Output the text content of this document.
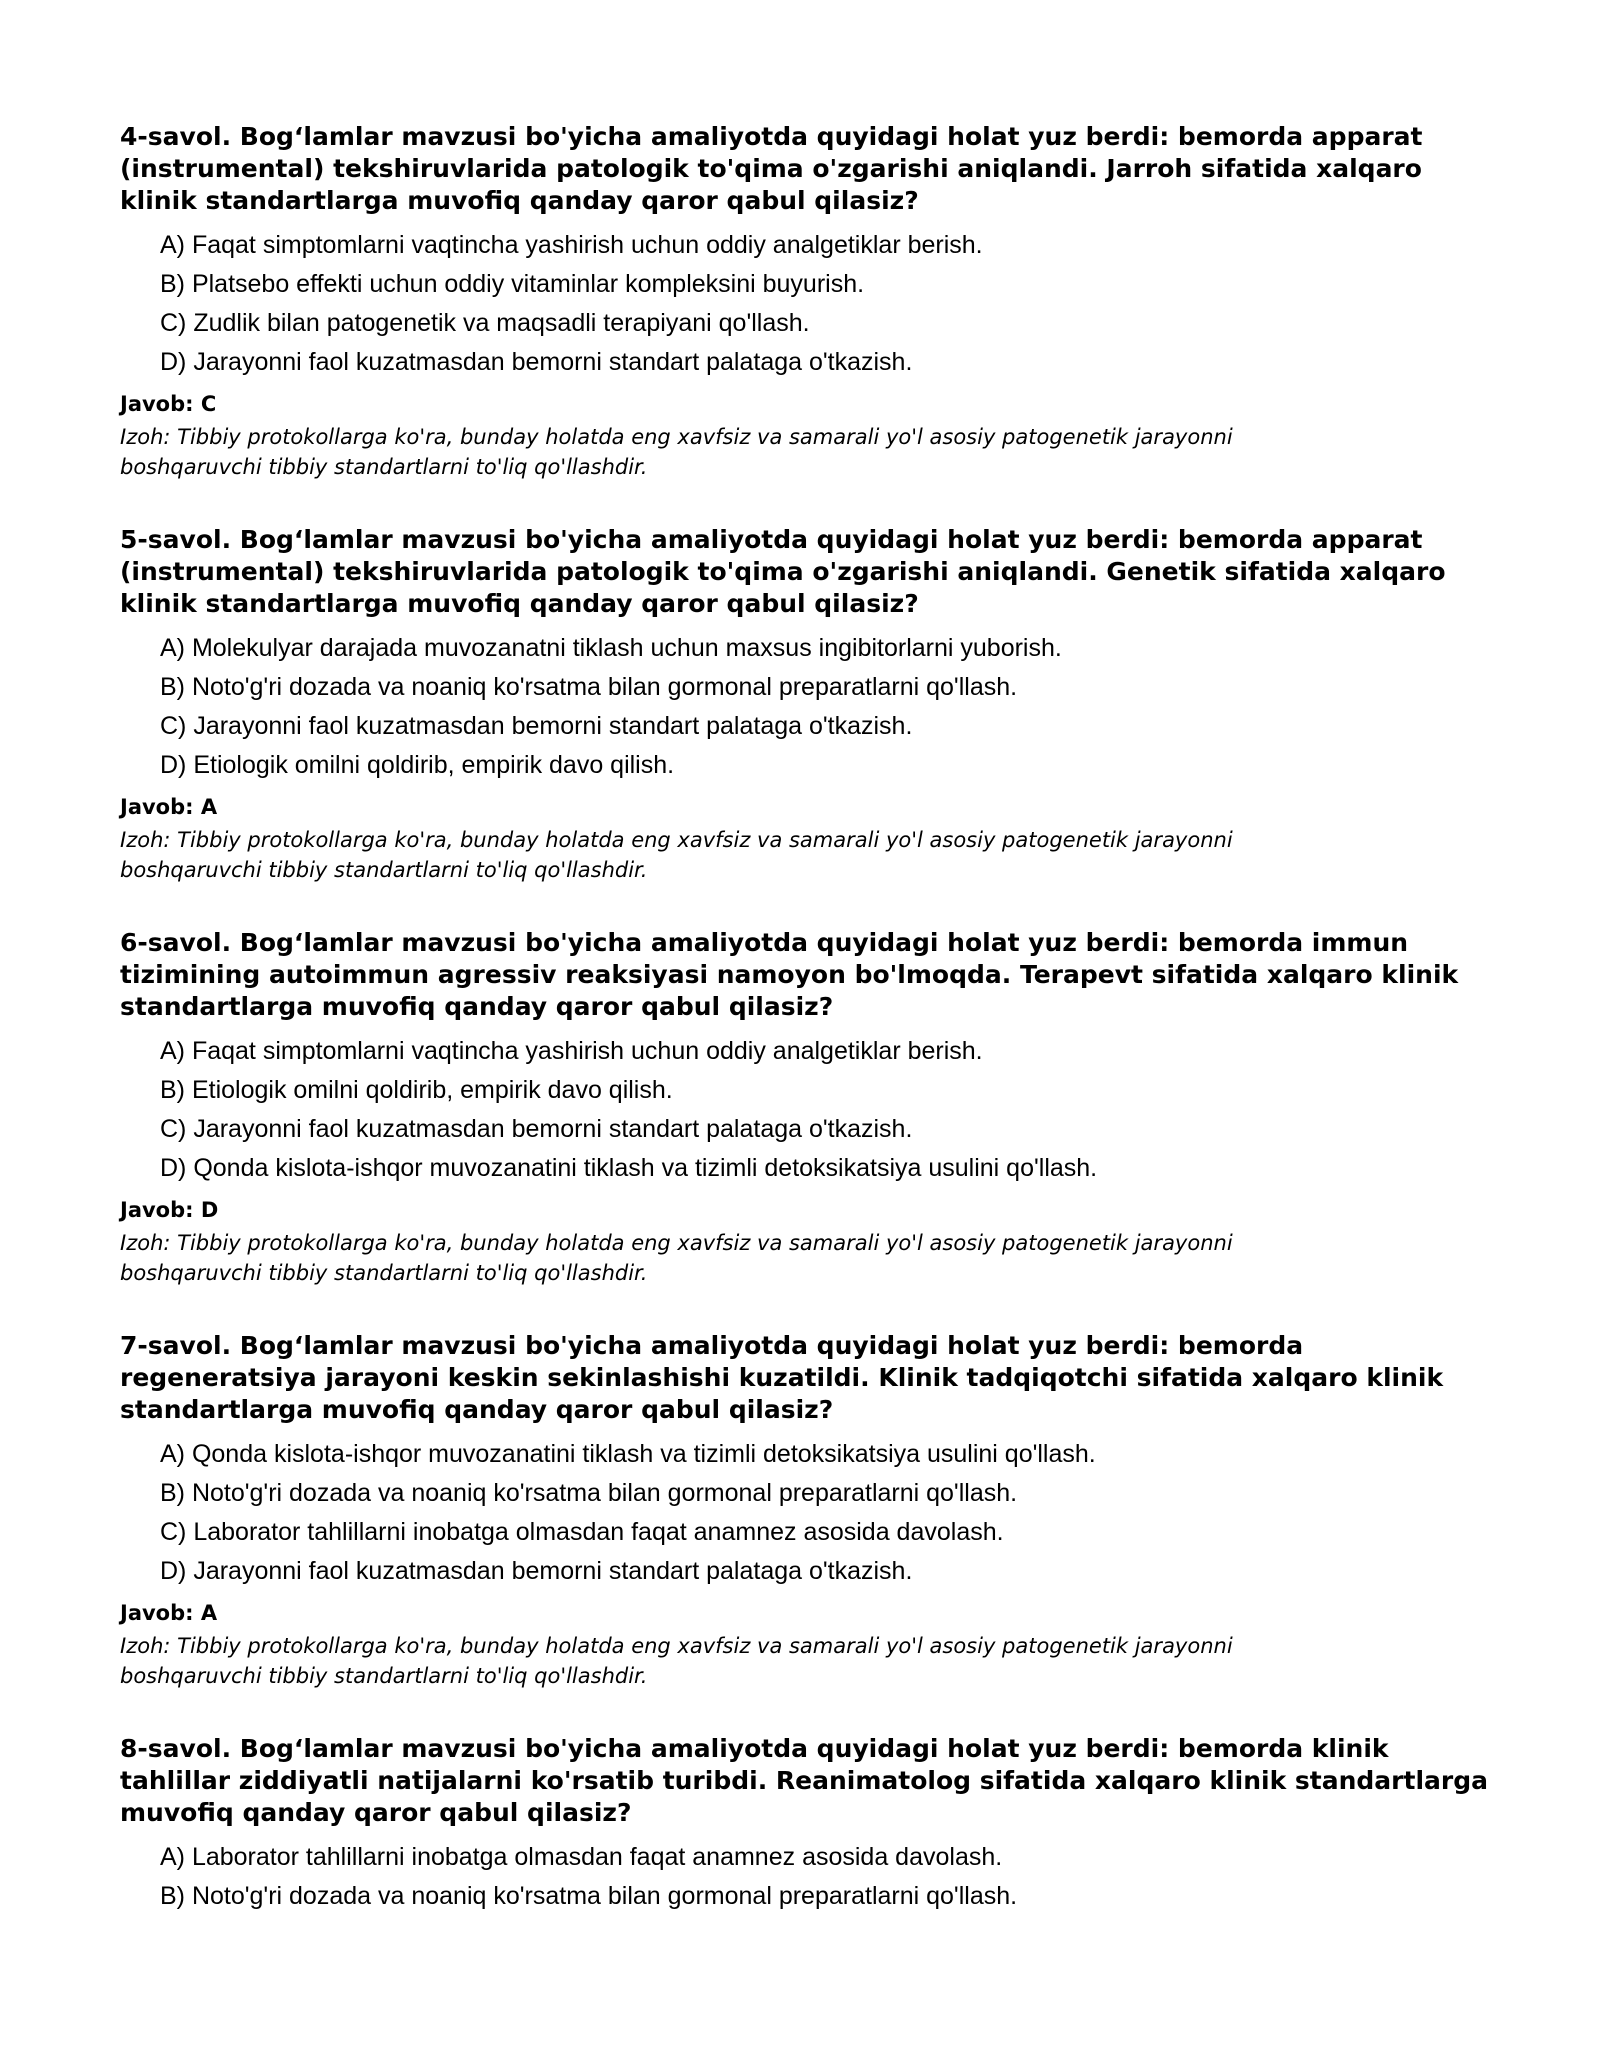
4-savol. Bog‘lamlar mavzusi bo'yicha amaliyotda quyidagi holat yuz berdi: bemorda apparat (instrumental) tekshiruvlarida patologik to'qima o'zgarishi aniqlandi. Jarroh sifatida xalqaro klinik standartlarga muvofiq qanday qaror qabul qilasiz?

A) Faqat simptomlarni vaqtincha yashirish uchun oddiy analgetiklar berish.
B) Platsebo effekti uchun oddiy vitaminlar kompleksini buyurish.
C) Zudlik bilan patogenetik va maqsadli terapiyani qo'llash.
D) Jarayonni faol kuzatmasdan bemorni standart palataga o'tkazish.

Javob: C

Izoh: Tibbiy protokollarga ko'ra, bunday holatda eng xavfsiz va samarali yo'l asosiy patogenetik jarayonni boshqaruvchi tibbiy standartlarni to'liq qo'llashdir.

5-savol. Bog‘lamlar mavzusi bo'yicha amaliyotda quyidagi holat yuz berdi: bemorda apparat (instrumental) tekshiruvlarida patologik to'qima o'zgarishi aniqlandi. Genetik sifatida xalqaro klinik standartlarga muvofiq qanday qaror qabul qilasiz?

A) Molekulyar darajada muvozanatni tiklash uchun maxsus ingibitorlarni yuborish.
B) Noto'g'ri dozada va noaniq ko'rsatma bilan gormonal preparatlarni qo'llash.
C) Jarayonni faol kuzatmasdan bemorni standart palataga o'tkazish.
D) Etiologik omilni qoldirib, empirik davo qilish.

Javob: A

Izoh: Tibbiy protokollarga ko'ra, bunday holatda eng xavfsiz va samarali yo'l asosiy patogenetik jarayonni boshqaruvchi tibbiy standartlarni to'liq qo'llashdir.

6-savol. Bog‘lamlar mavzusi bo'yicha amaliyotda quyidagi holat yuz berdi: bemorda immun tizimining autoimmun agressiv reaksiyasi namoyon bo'lmoqda. Terapevt sifatida xalqaro klinik standartlarga muvofiq qanday qaror qabul qilasiz?

A) Faqat simptomlarni vaqtincha yashirish uchun oddiy analgetiklar berish.
B) Etiologik omilni qoldirib, empirik davo qilish.
C) Jarayonni faol kuzatmasdan bemorni standart palataga o'tkazish.
D) Qonda kislota-ishqor muvozanatini tiklash va tizimli detoksikatsiya usulini qo'llash.

Javob: D

Izoh: Tibbiy protokollarga ko'ra, bunday holatda eng xavfsiz va samarali yo'l asosiy patogenetik jarayonni boshqaruvchi tibbiy standartlarni to'liq qo'llashdir.

7-savol. Bog‘lamlar mavzusi bo'yicha amaliyotda quyidagi holat yuz berdi: bemorda regeneratsiya jarayoni keskin sekinlashishi kuzatildi. Klinik tadqiqotchi sifatida xalqaro klinik standartlarga muvofiq qanday qaror qabul qilasiz?

A) Qonda kislota-ishqor muvozanatini tiklash va tizimli detoksikatsiya usulini qo'llash.
B) Noto'g'ri dozada va noaniq ko'rsatma bilan gormonal preparatlarni qo'llash.
C) Laborator tahlillarni inobatga olmasdan faqat anamnez asosida davolash.
D) Jarayonni faol kuzatmasdan bemorni standart palataga o'tkazish.

Javob: A

Izoh: Tibbiy protokollarga ko'ra, bunday holatda eng xavfsiz va samarali yo'l asosiy patogenetik jarayonni boshqaruvchi tibbiy standartlarni to'liq qo'llashdir.

8-savol. Bog‘lamlar mavzusi bo'yicha amaliyotda quyidagi holat yuz berdi: bemorda klinik tahlillar ziddiyatli natijalarni ko'rsatib turibdi. Reanimatolog sifatida xalqaro klinik standartlarga muvofiq qanday qaror qabul qilasiz?

A) Laborator tahlillarni inobatga olmasdan faqat anamnez asosida davolash.
B) Noto'g'ri dozada va noaniq ko'rsatma bilan gormonal preparatlarni qo'llash.
